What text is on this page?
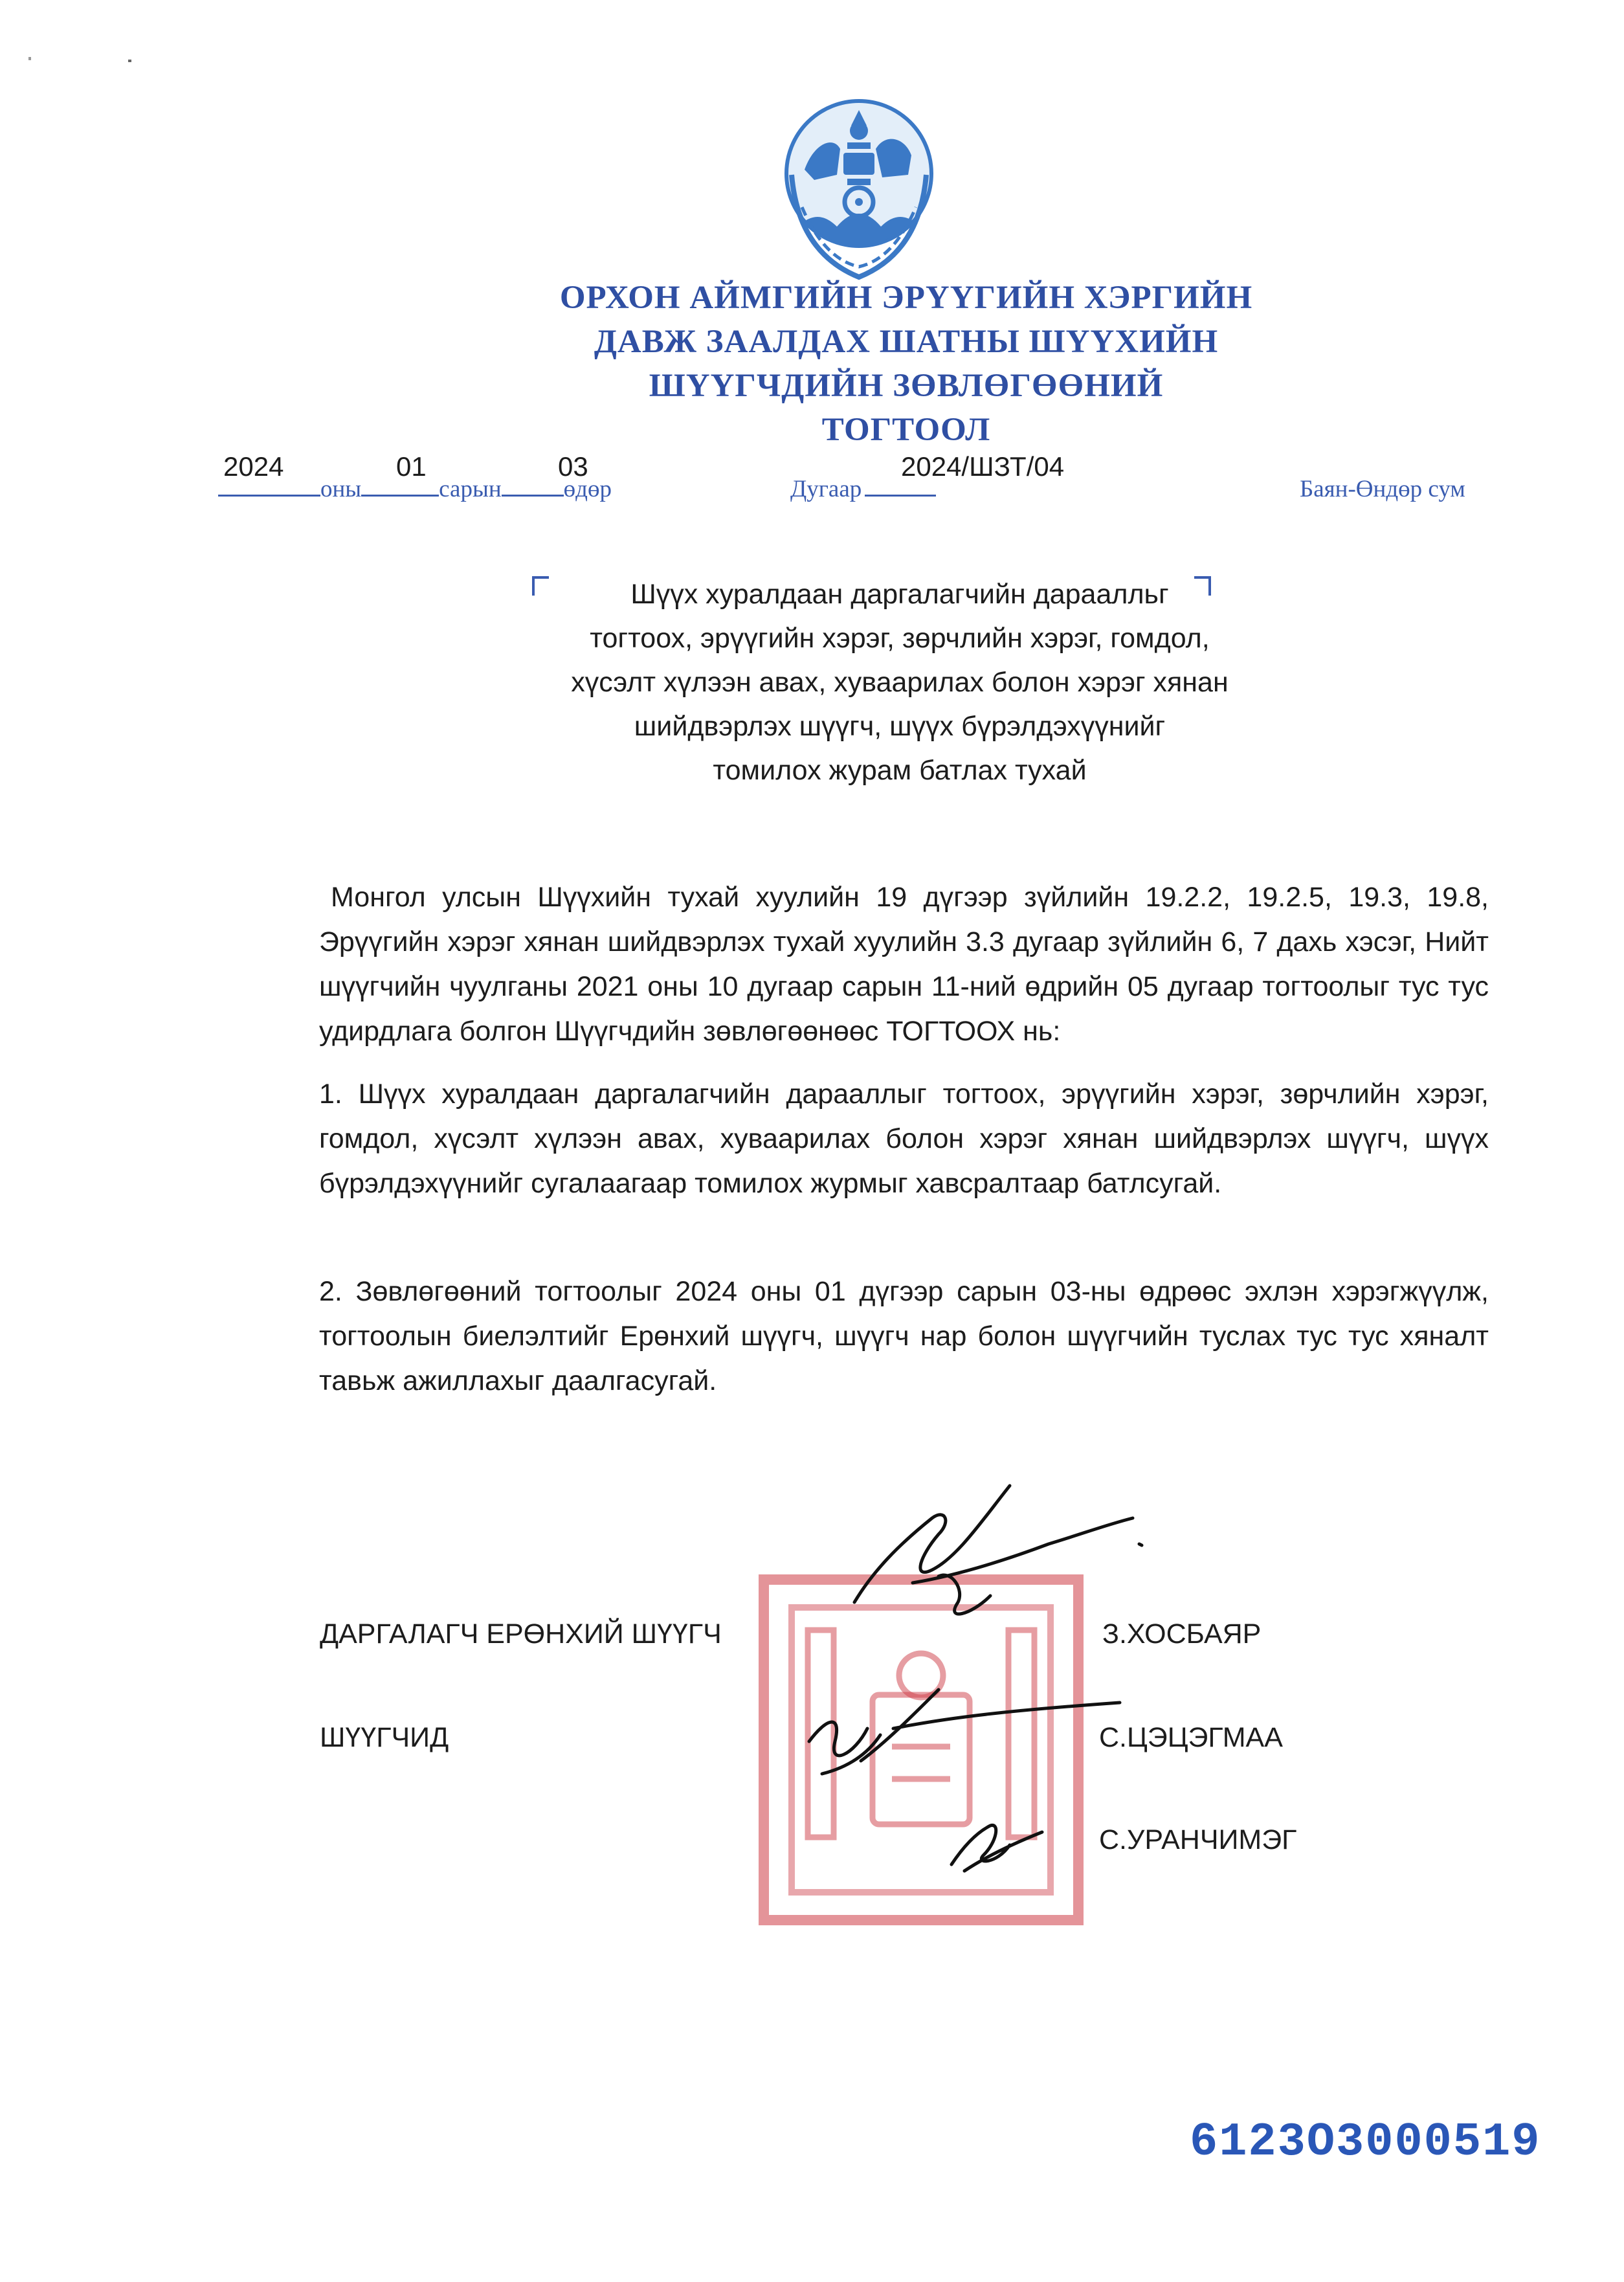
ОРХОН АЙМГИЙН ЭРҮҮГИЙН ХЭРГИЙН
ДАВЖ ЗААЛДАХ ШАТНЫ ШҮҮХИЙН
ШҮҮГЧДИЙН ЗӨВЛӨГӨӨНИЙ
ТОГТООЛ
2024	01	03	2024/ШЗТ/04
оны	сарын	өдөр	Дугаар	Баян-Өндөр сум
Шүүх хуралдаан даргалагчийн дараалльг
тогтоох, эрүүгийн хэрэг, зөрчлийн хэрэг, гомдол,
хүсэлт хүлээн авах, хуваарилах болон хэрэг хянан
шийдвэрлэх шүүгч, шүүх бүрэлдэхүүнийг
томилох журам батлах тухай
Монгол улсын Шүүхийн тухай хуулийн 19 дүгээр зүйлийн 19.2.2, 19.2.5, 19.3, 19.8, Эрүүгийн хэрэг хянан шийдвэрлэх тухай хуулийн 3.3 дугаар зүйлийн 6, 7 дахь хэсэг, Нийт шүүгчийн чуулганы 2021 оны 10 дугаар сарын 11-ний өдрийн 05 дугаар тогтоолыг тус тус удирдлага болгон Шүүгчдийн зөвлөгөөнөөс ТОГТООХ нь:
1. Шүүх хуралдаан даргалагчийн дарааллыг тогтоох, эрүүгийн хэрэг, зөрчлийн хэрэг, гомдол, хүсэлт хүлээн авах, хуваарилах болон хэрэг хянан шийдвэрлэх шүүгч, шүүх бүрэлдэхүүнийг сугалаагаар томилох журмыг хавсралтаар батлсугай.
2. Зөвлөгөөний тогтоолыг 2024 оны 01 дүгээр сарын 03-ны өдрөөс эхлэн хэрэгжүүлж, тогтоолын биелэлтийг Ерөнхий шүүгч, шүүгч нар болон шүүгчийн туслах тус тус хяналт тавьж ажиллахыг даалгасугай.
ДАРГАЛАГЧ ЕРӨНХИЙ ШҮҮГЧ	З.ХОСБАЯР
ШҮҮГЧИД	С.ЦЭЦЭГМАА
С.УРАНЧИМЭГ
6123O3000519
